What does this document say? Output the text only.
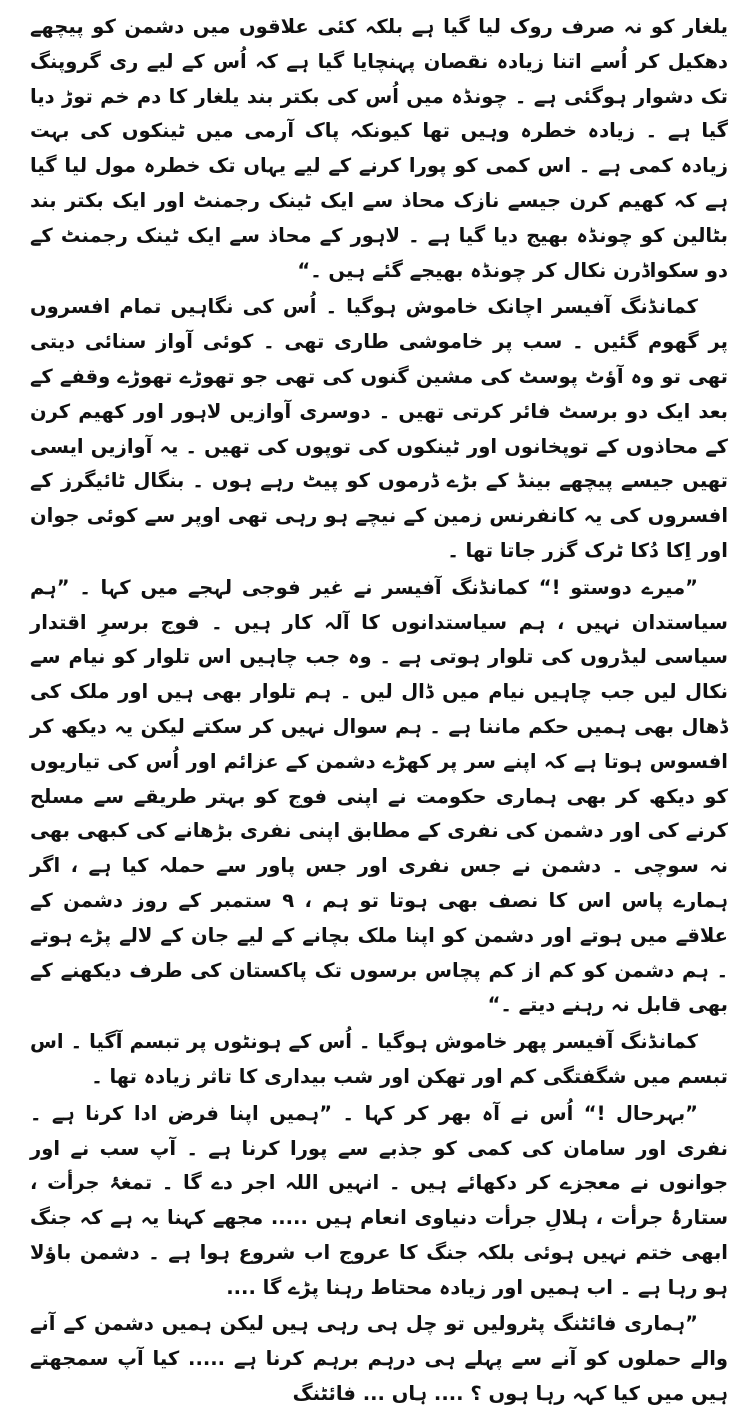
یلغار کو نہ صرف روک لیا گیا ہے بلکہ کئی علاقوں میں دشمن کو پیچھے دھکیل کر اُسے اتنا زیادہ نقصان پہنچایا گیا ہے کہ اُس کے لیے ری گروپنگ تک دشوار ہوگئی ہے ۔ چونڈہ میں اُس کی بکتر بند یلغار کا دم خم توڑ دیا گیا ہے ۔ زیادہ خطرہ وہیں تھا کیونکہ پاک آرمی میں ٹینکوں کی بہت زیادہ کمی ہے ۔ اس کمی کو پورا کرنے کے لیے یہاں تک خطرہ مول لیا گیا ہے کہ کھیم کرن جیسے نازک محاذ سے ایک ٹینک رجمنٹ اور ایک بکتر بند بٹالین کو چونڈہ بھیج دیا گیا ہے ۔ لاہور کے محاذ سے ایک ٹینک رجمنٹ کے دو سکواڈرن نکال کر چونڈہ بھیجے گئے ہیں ۔“

کمانڈنگ آفیسر اچانک خاموش ہوگیا ۔ اُس کی نگاہیں تمام افسروں پر گھوم گئیں ۔ سب پر خاموشی طاری تھی ۔ کوئی آواز سنائی دیتی تھی تو وہ آؤٹ پوسٹ کی مشین گنوں کی تھی جو تھوڑے تھوڑے وقفے کے بعد ایک دو برسٹ فائر کرتی تھیں ۔ دوسری آوازیں لاہور اور کھیم کرن کے محاذوں کے توپخانوں اور ٹینکوں کی توپوں کی تھیں ۔ یہ آوازیں ایسی تھیں جیسے پیچھے بینڈ کے بڑے ڈرموں کو پیٹ رہے ہوں ۔ بنگال ٹائیگرز کے افسروں کی یہ کانفرنس زمین کے نیچے ہو رہی تھی اوپر سے کوئی جوان اور اِکا دُکا ٹرک گزر جاتا تھا ۔

”میرے دوستو !“ کمانڈنگ آفیسر نے غیر فوجی لہجے میں کہا ۔ ”ہم سیاستدان نہیں ، ہم سیاستدانوں کا آلہ کار ہیں ۔ فوج برسرِ اقتدار سیاسی لیڈروں کی تلوار ہوتی ہے ۔ وہ جب چاہیں اس تلوار کو نیام سے نکال لیں جب چاہیں نیام میں ڈال لیں ۔ ہم تلوار بھی ہیں اور ملک کی ڈھال بھی ہمیں حکم ماننا ہے ۔ ہم سوال نہیں کر سکتے لیکن یہ دیکھ کر افسوس ہوتا ہے کہ اپنے سر پر کھڑے دشمن کے عزائم اور اُس کی تیاریوں کو دیکھ کر بھی ہماری حکومت نے اپنی فوج کو بہتر طریقے سے مسلح کرنے کی اور دشمن کی نفری کے مطابق اپنی نفری بڑھانے کی کبھی بھی نہ سوچی ۔ دشمن نے جس نفری اور جس پاور سے حملہ کیا ہے ، اگر ہمارے پاس اس کا نصف بھی ہوتا تو ہم ، ۹ ستمبر کے روز دشمن کے علاقے میں ہوتے اور دشمن کو اپنا ملک بچانے کے لیے جان کے لالے پڑے ہوتے ۔ ہم دشمن کو کم از کم پچاس برسوں تک پاکستان کی طرف دیکھنے کے بھی قابل نہ رہنے دیتے ۔“

کمانڈنگ آفیسر پھر خاموش ہوگیا ۔ اُس کے ہونٹوں پر تبسم آگیا ۔ اس تبسم میں شگفتگی کم اور تھکن اور شب بیداری کا تاثر زیادہ تھا ۔

”بہرحال !“ اُس نے آہ بھر کر کہا ۔ ”ہمیں اپنا فرض ادا کرنا ہے ۔ نفری اور سامان کی کمی کو جذبے سے پورا کرنا ہے ۔ آپ سب نے اور جوانوں نے معجزے کر دکھائے ہیں ۔ انہیں اللہ اجر دے گا ۔ تمغۂ جرأت ، ستارۂ جرأت ، ہلالِ جرأت دنیاوی انعام ہیں ..... مجھے کہنا یہ ہے کہ جنگ ابھی ختم نہیں ہوئی بلکہ جنگ کا عروج اب شروع ہوا ہے ۔ دشمن باؤلا ہو رہا ہے ۔ اب ہمیں اور زیادہ محتاط رہنا پڑے گا ....

”ہماری فائٹنگ پٹرولیں تو چل ہی رہی ہیں لیکن ہمیں دشمن کے آنے والے حملوں کو آنے سے پہلے ہی درہم برہم کرنا ہے ..... کیا آپ سمجھتے ہیں میں کیا کہہ رہا ہوں ؟ .... ہاں ... فائٹنگ
